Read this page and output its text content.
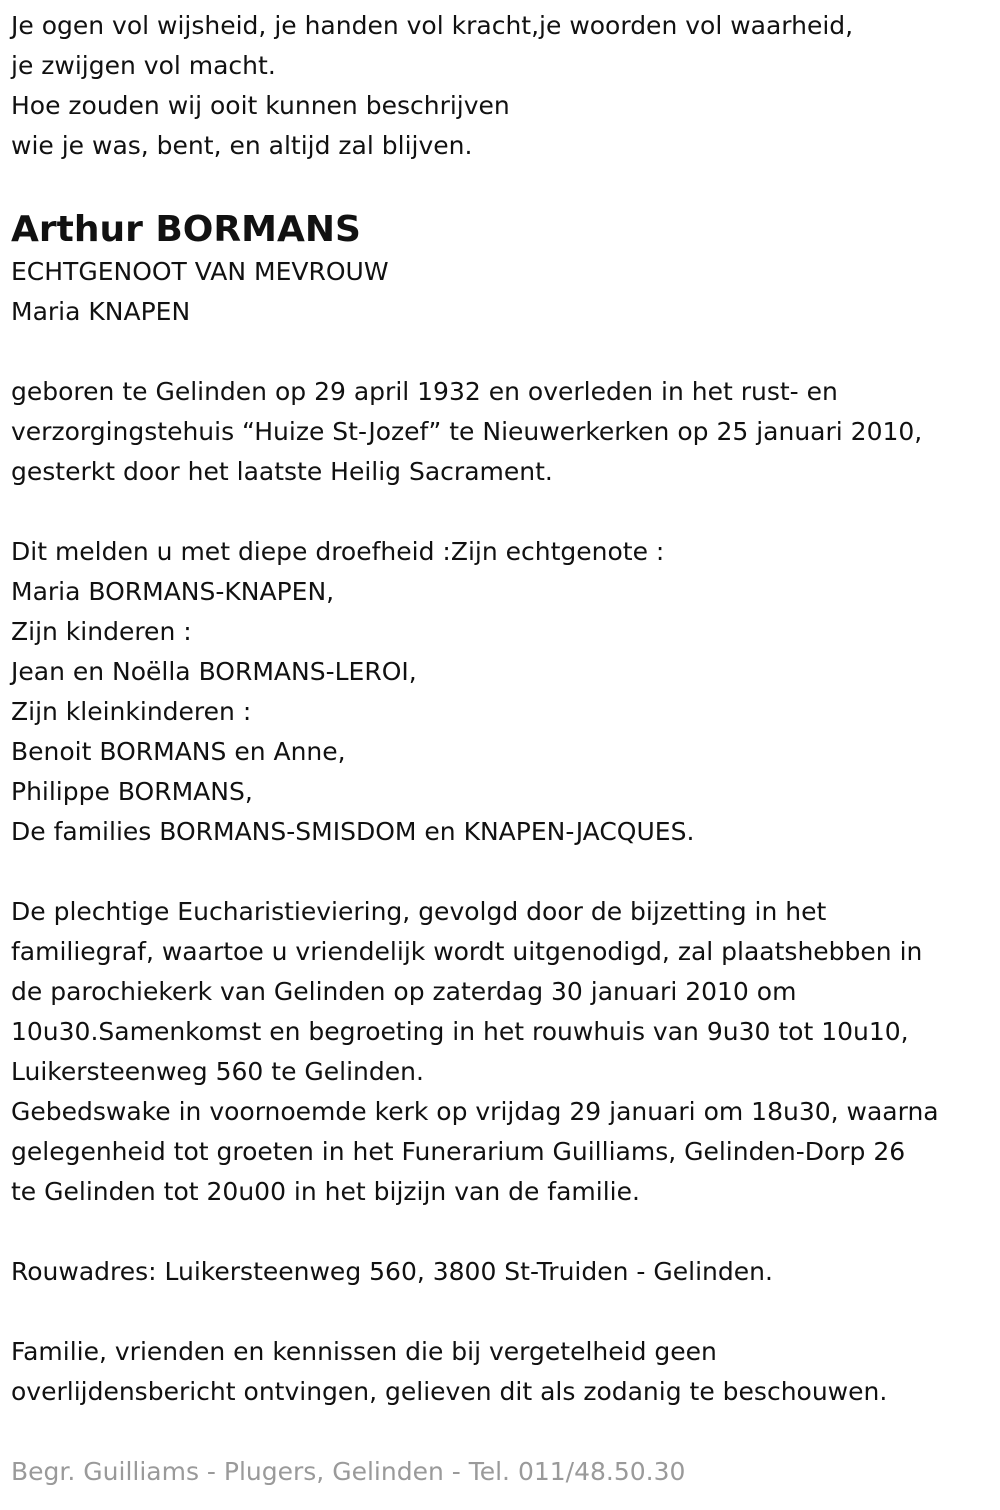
Je ogen vol wijsheid, je handen vol kracht,je woorden vol waarheid,
je zwijgen vol macht.
Hoe zouden wij ooit kunnen beschrijven
wie je was, bent, en altijd zal blijven.
Arthur BORMANS
ECHTGENOOT VAN MEVROUW
Maria KNAPEN
geboren te Gelinden op 29 april 1932 en overleden in het rust- en
verzorgingstehuis “Huize St-Jozef” te Nieuwerkerken op 25 januari 2010,
gesterkt door het laatste Heilig Sacrament.
Dit melden u met diepe droefheid :Zijn echtgenote :
Maria BORMANS-KNAPEN,
Zijn kinderen :
Jean en Noëlla BORMANS-LEROI,
Zijn kleinkinderen :
Benoit BORMANS en Anne,
Philippe BORMANS,
De families BORMANS-SMISDOM en KNAPEN-JACQUES.
De plechtige Eucharistieviering, gevolgd door de bijzetting in het
familiegraf, waartoe u vriendelijk wordt uitgenodigd, zal plaatshebben in
de parochiekerk van Gelinden op zaterdag 30 januari 2010 om
10u30.Samenkomst en begroeting in het rouwhuis van 9u30 tot 10u10,
Luikersteenweg 560 te Gelinden.
Gebedswake in voornoemde kerk op vrijdag 29 januari om 18u30, waarna
gelegenheid tot groeten in het Funerarium Guilliams, Gelinden-Dorp 26
te Gelinden tot 20u00 in het bijzijn van de familie.
Rouwadres: Luikersteenweg 560, 3800 St-Truiden - Gelinden.
Familie, vrienden en kennissen die bij vergetelheid geen
overlijdensbericht ontvingen, gelieven dit als zodanig te beschouwen.
Begr. Guilliams - Plugers, Gelinden - Tel. 011/48.50.30
